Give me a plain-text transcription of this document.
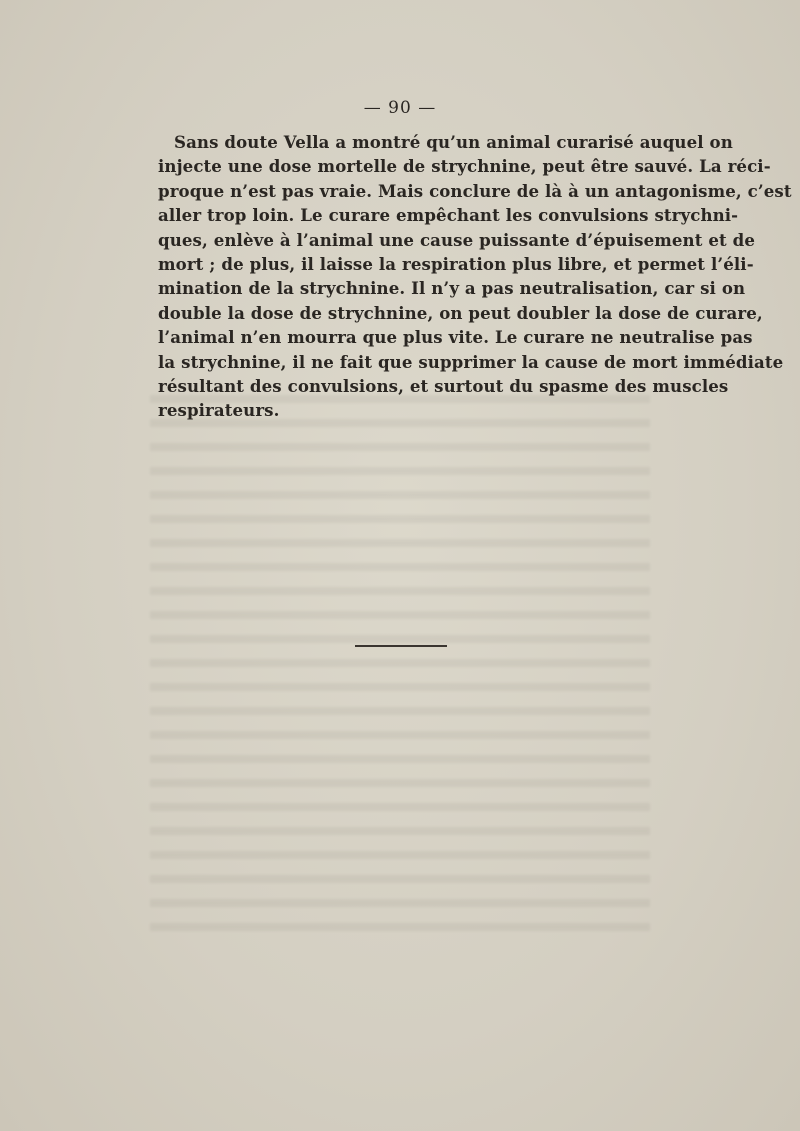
— 90 —
Sans doute Vella a montré qu’un animal curarisé auquel on
injecte une dose mortelle de strychnine, peut être sauvé. La réci-
proque n’est pas vraie. Mais conclure de là à un antagonisme, c’est
aller trop loin. Le curare empêchant les convulsions strychni-
ques, enlève à l’animal une cause puissante d’épuisement et de
mort ; de plus, il laisse la respiration plus libre, et permet l’éli-
mination de la strychnine. Il n’y a pas neutralisation, car si on
double la dose de strychnine, on peut doubler la dose de curare,
l’animal n’en mourra que plus vite. Le curare ne neutralise pas
la strychnine, il ne fait que supprimer la cause de mort immédiate
résultant des convulsions, et surtout du spasme des muscles
respirateurs.
